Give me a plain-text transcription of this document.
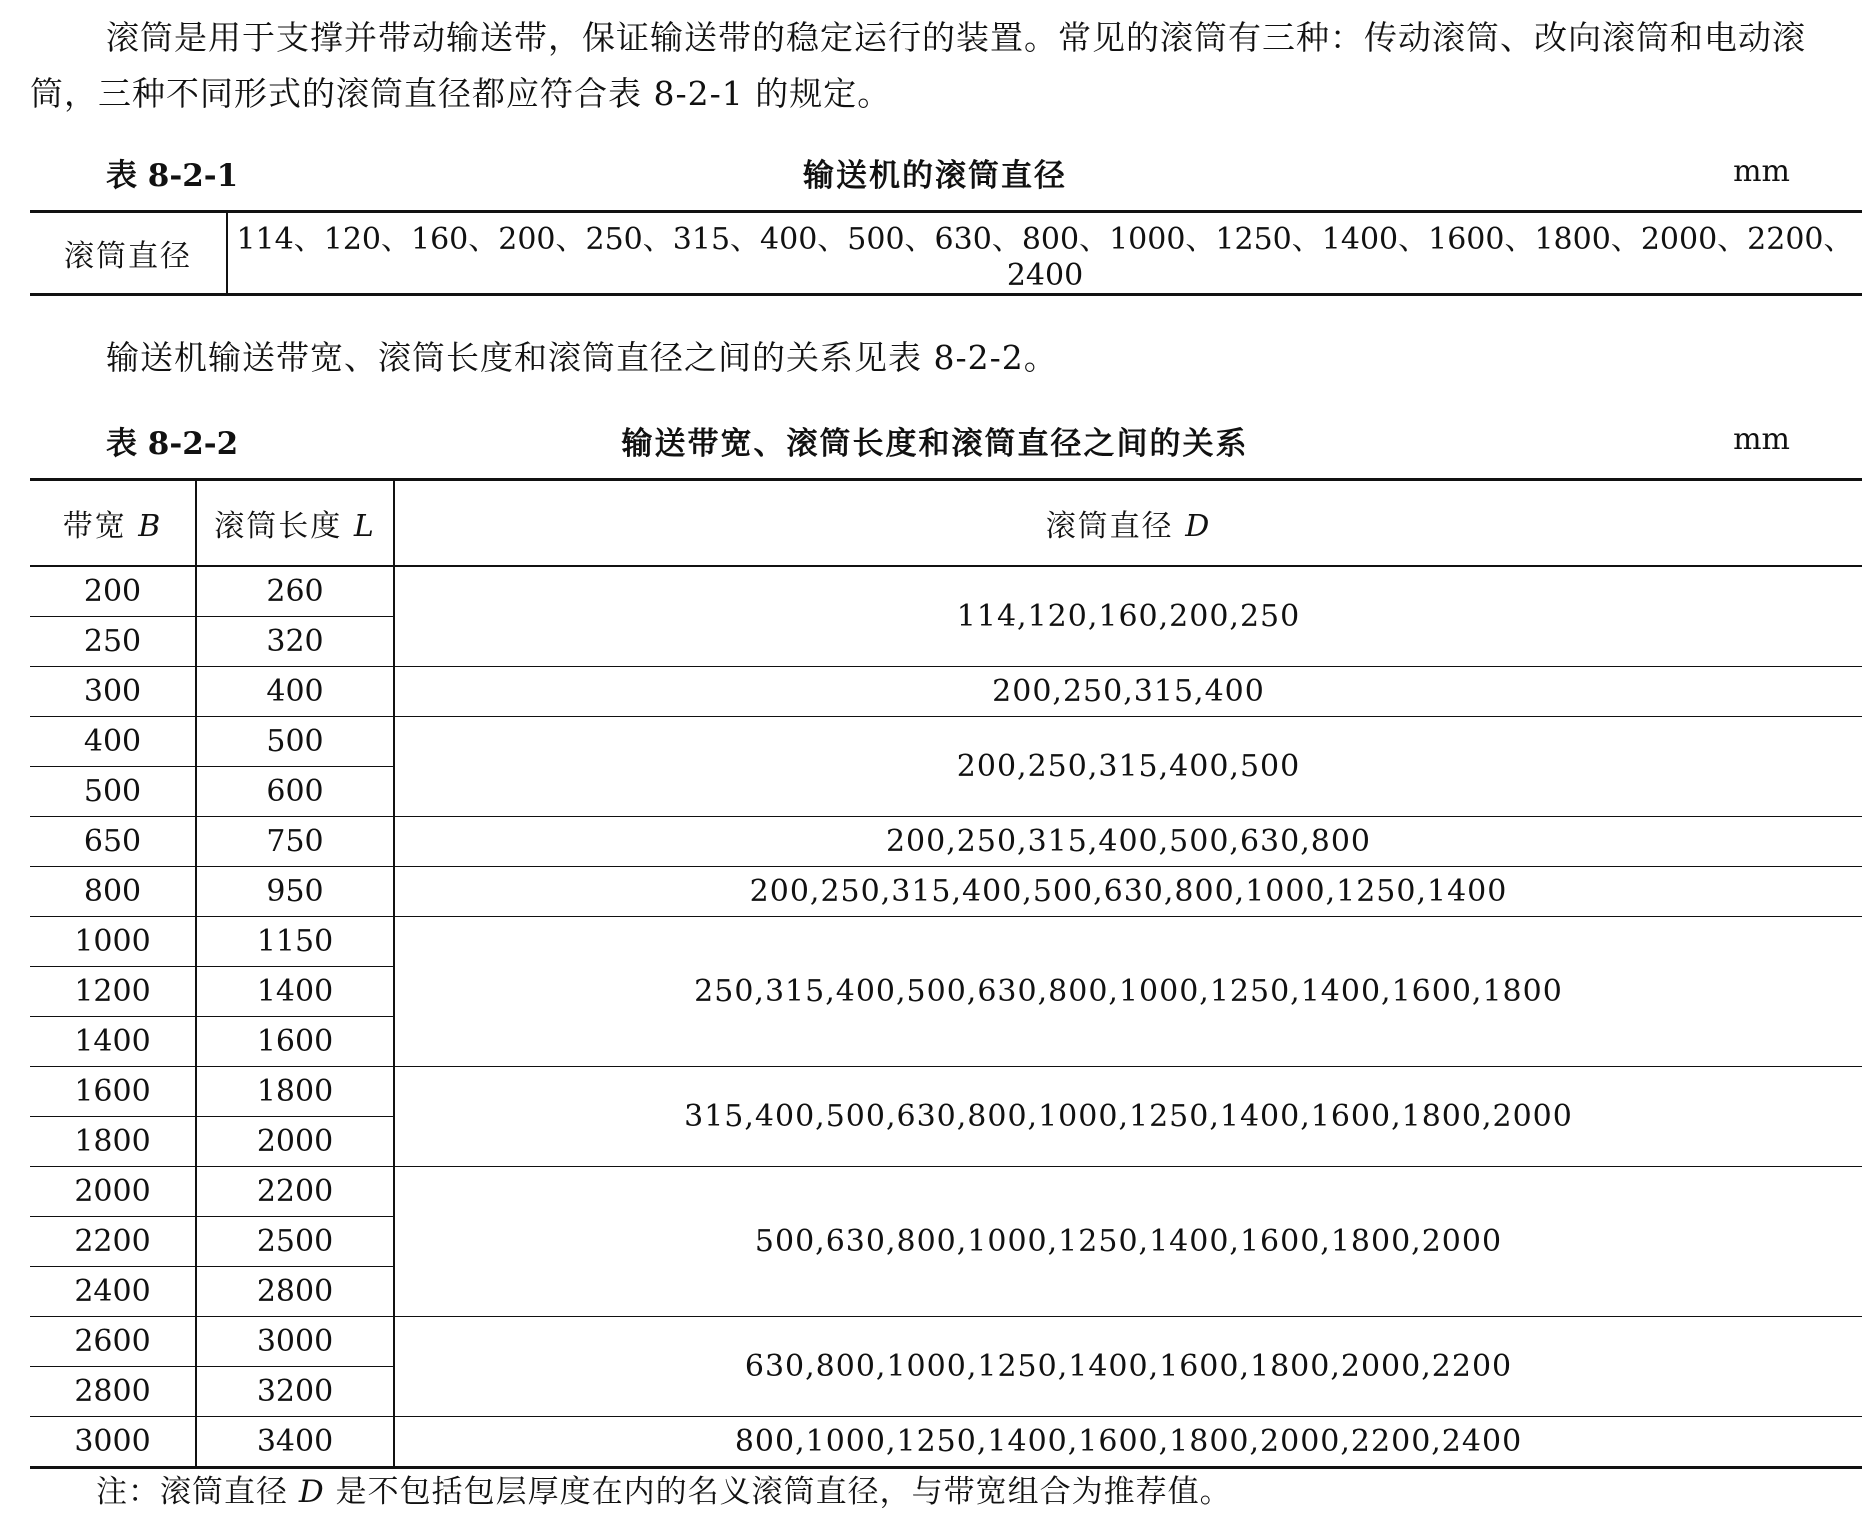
滚筒是用于支撑并带动输送带，保证输送带的稳定运行的装置。常见的滚筒有三种：传动滚筒、改向滚筒和电动滚筒，三种不同形式的滚筒直径都应符合表 8-2-1 的规定。
表 8-2-1	输送机的滚筒直径	mm
滚筒直径	114、120、160、200、250、315、400、500、630、800、1000、1250、1400、1600、1800、2000、2200、2400
输送机输送带宽、滚筒长度和滚筒直径之间的关系见表 8-2-2。
表 8-2-2	输送带宽、滚筒长度和滚筒直径之间的关系	mm
带宽 B	滚筒长度 L	滚筒直径 D
200	260	114,120,160,200,250
250	320	
300	400	200,250,315,400
400	500	200,250,315,400,500
500	600	
650	750	200,250,315,400,500,630,800
800	950	200,250,315,400,500,630,800,1000,1250,1400
1000	1150	250,315,400,500,630,800,1000,1250,1400,1600,1800
1200	1400	
1400	1600	
1600	1800	315,400,500,630,800,1000,1250,1400,1600,1800,2000
1800	2000	
2000	2200	500,630,800,1000,1250,1400,1600,1800,2000
2200	2500	
2400	2800	
2600	3000	630,800,1000,1250,1400,1600,1800,2000,2200
2800	3200	
3000	3400	800,1000,1250,1400,1600,1800,2000,2200,2400
注：滚筒直径 D 是不包括包层厚度在内的名义滚筒直径，与带宽组合为推荐值。
